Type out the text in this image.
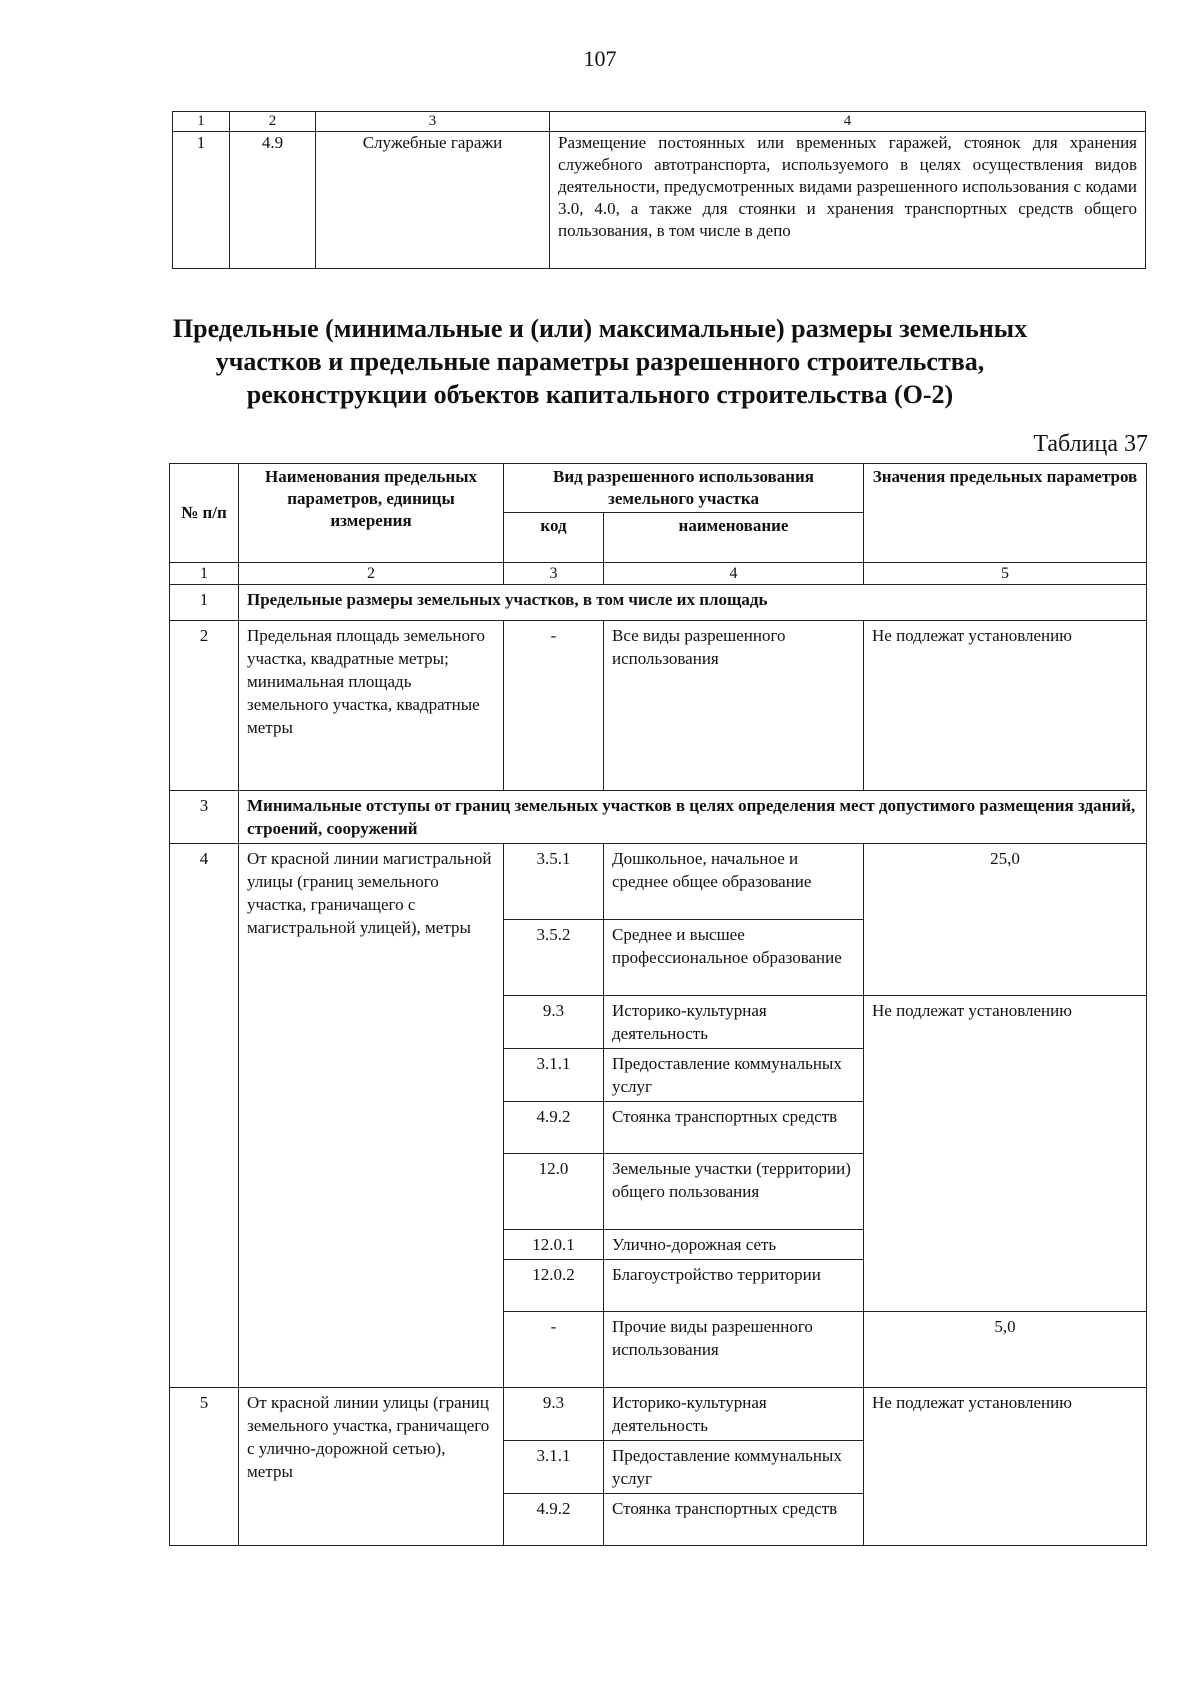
107
1	2	3	4
1	4.9	Служебные гаражи	Размещение постоянных или временных гаражей, стоянок для хранения служебного автотранспорта, используемого в целях осуществления видов деятельности, предусмотренных видами разрешенного использования с кодами 3.0, 4.0, а также для стоянки и хранения транспортных средств общего пользования, в том числе в депо
Предельные (минимальные и (или) максимальные) размеры земельных
участков и предельные параметры разрешенного строительства,
реконструкции объектов капитального строительства (О-2)
Таблица 37
№ п/п	Наименования предельных параметров, единицы измерения	Вид разрешенного использования земельного участка		Значения предельных параметров
		код	наименование	
1	2	3	4	5
1	Предельные размеры земельных участков, в том числе их площадь			
2	Предельная площадь земельного участка, квадратные метры; минимальная площадь земельного участка, квадратные метры	-	Все виды разрешенного использования	Не подлежат установлению
3	Минимальные отступы от границ земельных участков в целях определения мест допустимого размещения зданий, строений, сооружений			
4	От красной линии магистральной улицы (границ земельного участка, граничащего с магистральной улицей), метры	3.5.1	Дошкольное, начальное и среднее общее образование	25,0
		3.5.2	Среднее и высшее профессиональное образование	
		9.3	Историко-культурная деятельность	Не подлежат установлению
		3.1.1	Предоставление коммунальных услуг	
		4.9.2	Стоянка транспортных средств	
		12.0	Земельные участки (территории) общего пользования	
		12.0.1	Улично-дорожная сеть	
		12.0.2	Благоустройство территории	
		-	Прочие виды разрешенного использования	5,0
5	От красной линии улицы (границ земельного участка, граничащего с улично-дорожной сетью), метры	9.3	Историко-культурная деятельность	Не подлежат установлению
		3.1.1	Предоставление коммунальных услуг	
		4.9.2	Стоянка транспортных средств	
